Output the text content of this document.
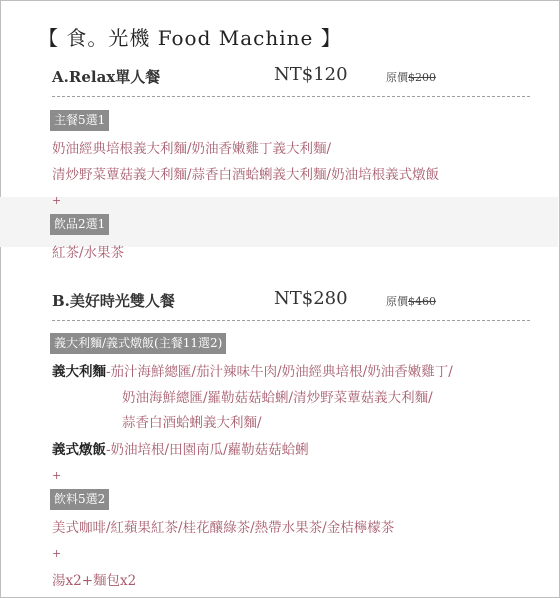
【 食。光機 Food Machine 】
A.Relax單人餐	NT$120	原價$200
主餐5選1
奶油經典培根義大利麵/奶油香嫩雞丁義大利麵/
清炒野菜蕈菇義大利麵/蒜香白酒蛤蜊義大利麵/奶油培根義式燉飯
+
飲品2選1
紅茶/水果茶
B.美好時光雙人餐	NT$280	原價$460
義大利麵/義式燉飯(主餐11選2)
義大利麵-茄汁海鮮總匯/茄汁辣味牛肉/奶油經典培根/奶油香嫩雞丁/
奶油海鮮總匯/羅勒菇菇蛤蜊/清炒野菜蕈菇義大利麵/
蒜香白酒蛤蜊義大利麵/
義式燉飯-奶油培根/田園南瓜/蘿勒菇菇蛤蜊
+
飲料5選2
美式咖啡/紅蘋果紅茶/桂花釀綠茶/熱帶水果茶/金桔檸檬茶
+
湯x2+麵包x2
